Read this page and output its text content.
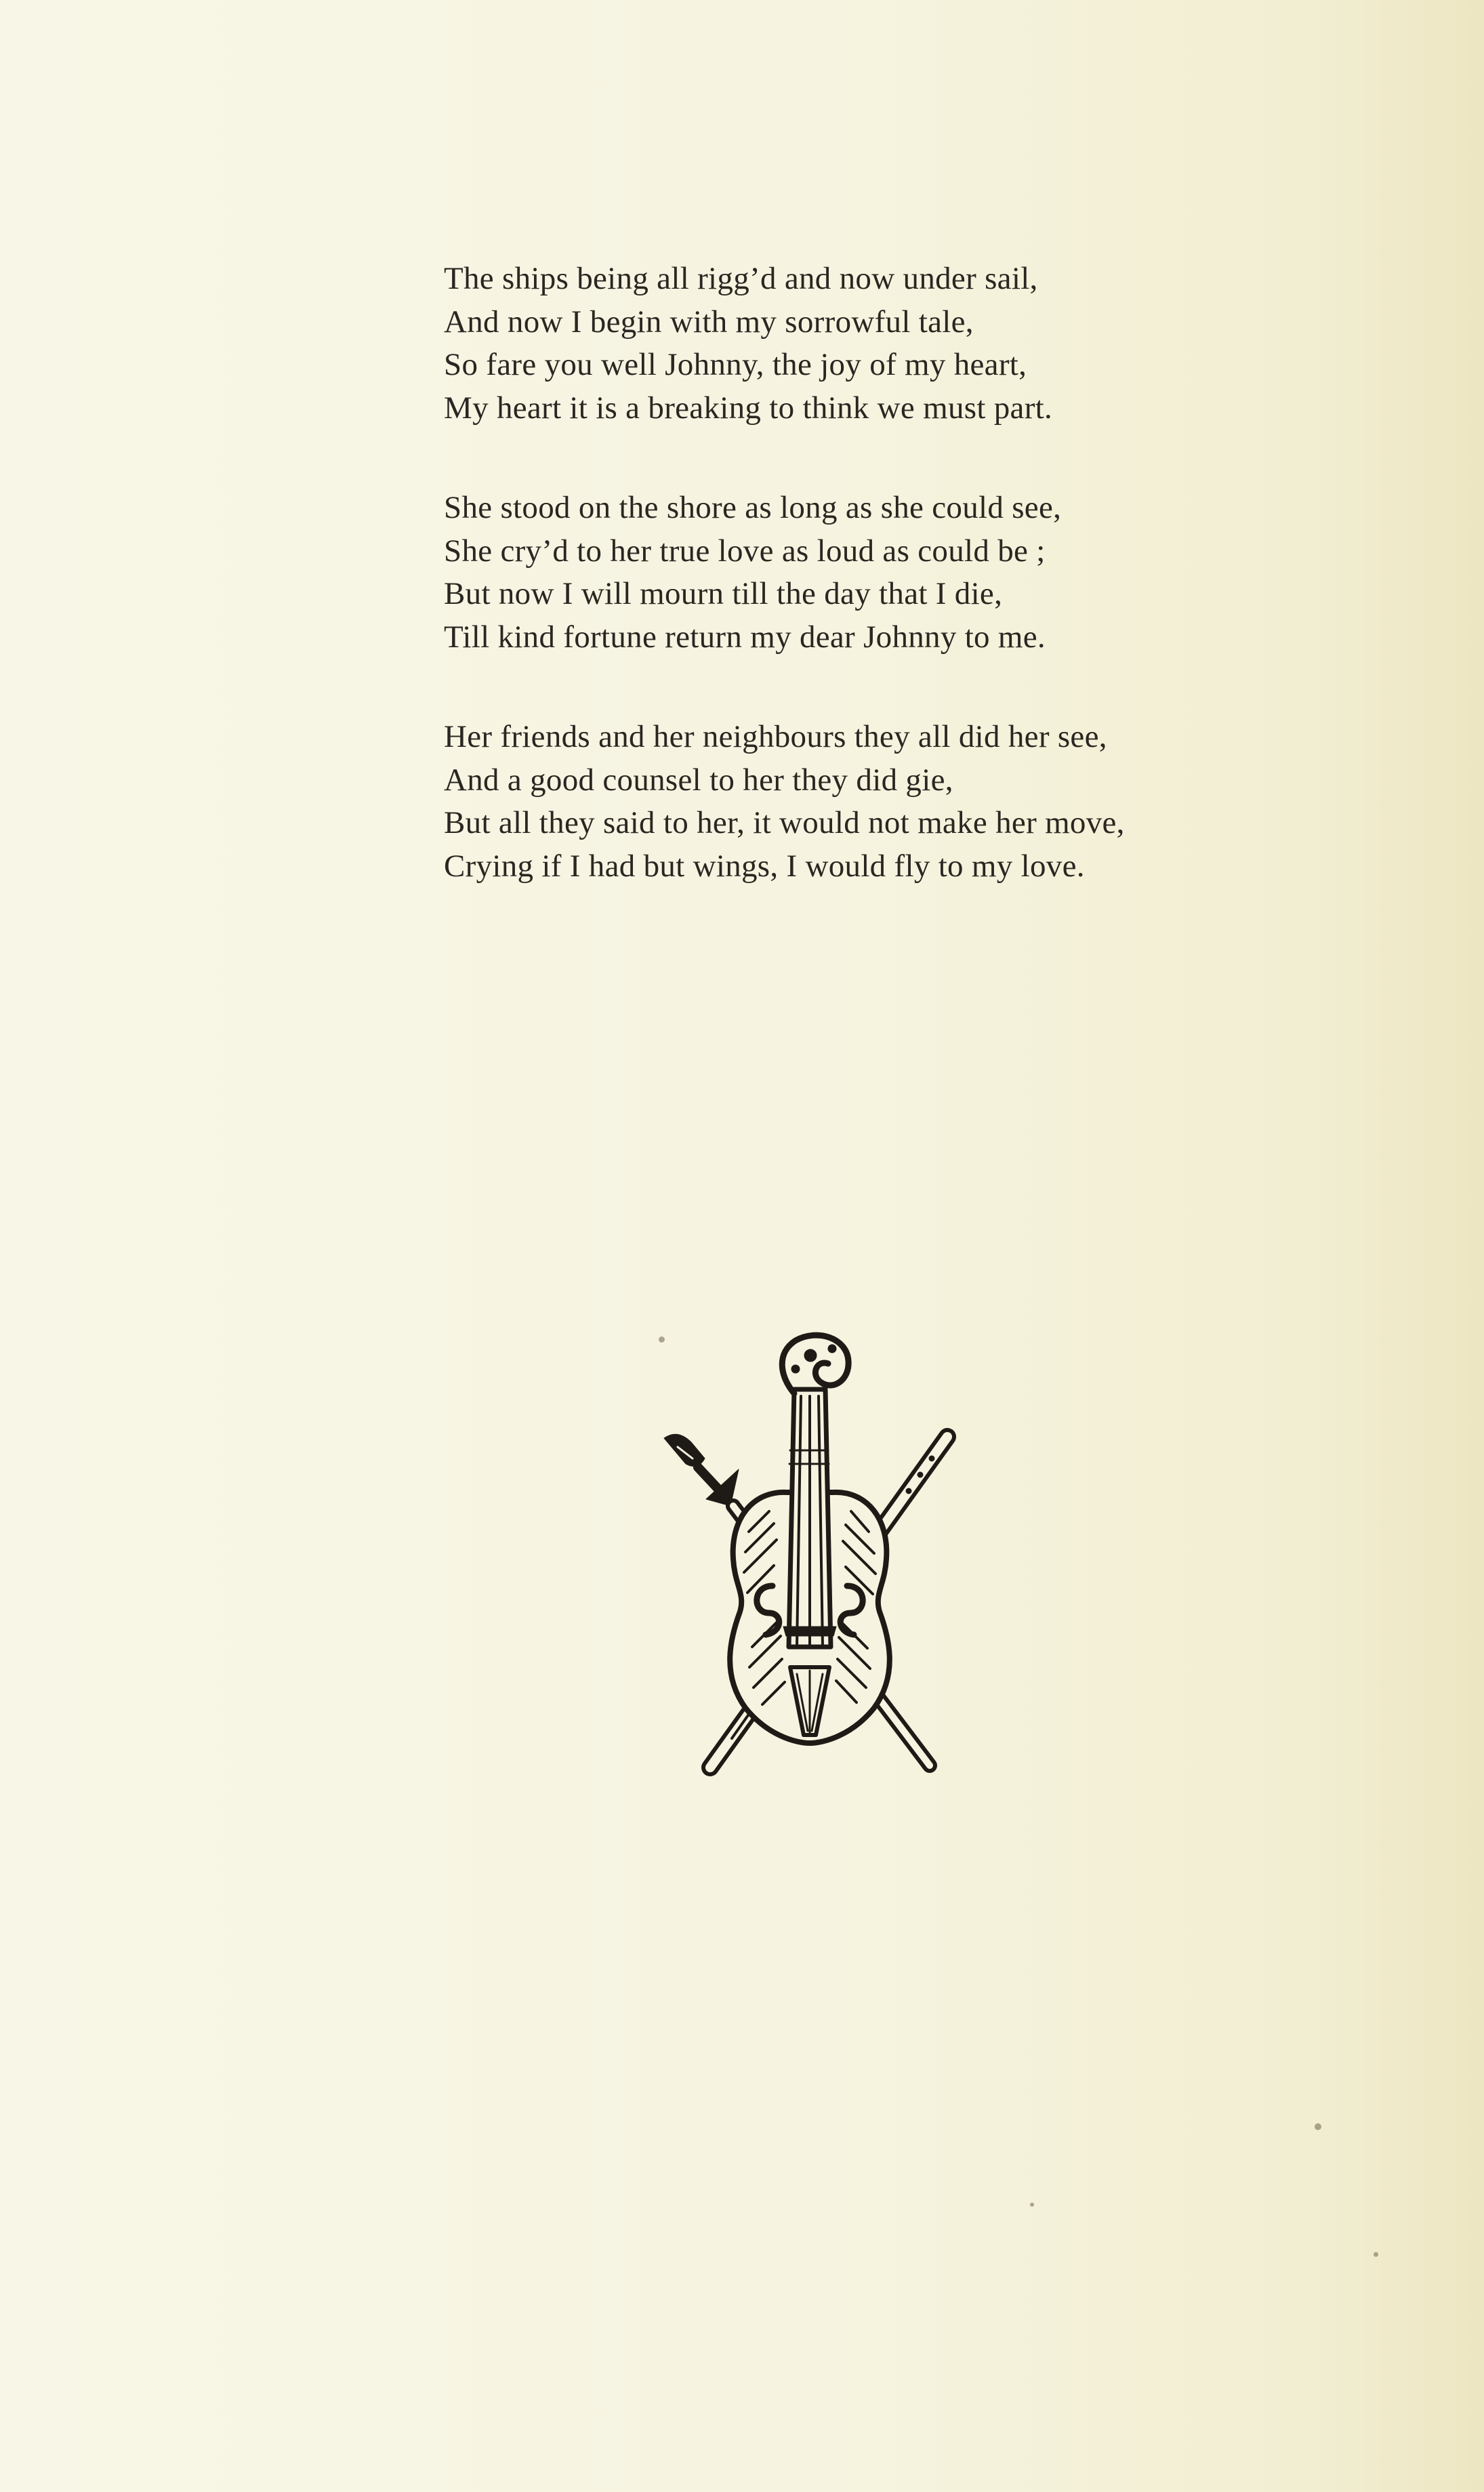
The ships being all rigg’d and now under sail,
And now I begin with my sorrowful tale,
So fare you well Johnny, the joy of my heart,
My heart it is a breaking to think we must part.
She stood on the shore as long as she could see,
She cry’d to her true love as loud as could be ;
But now I will mourn till the day that I die,
Till kind fortune return my dear Johnny to me.
Her friends and her neighbours they all did her see,
And a good counsel to her they did gie,
But all they said to her, it would not make her move,
Crying if I had but wings, I would fly to my love.
